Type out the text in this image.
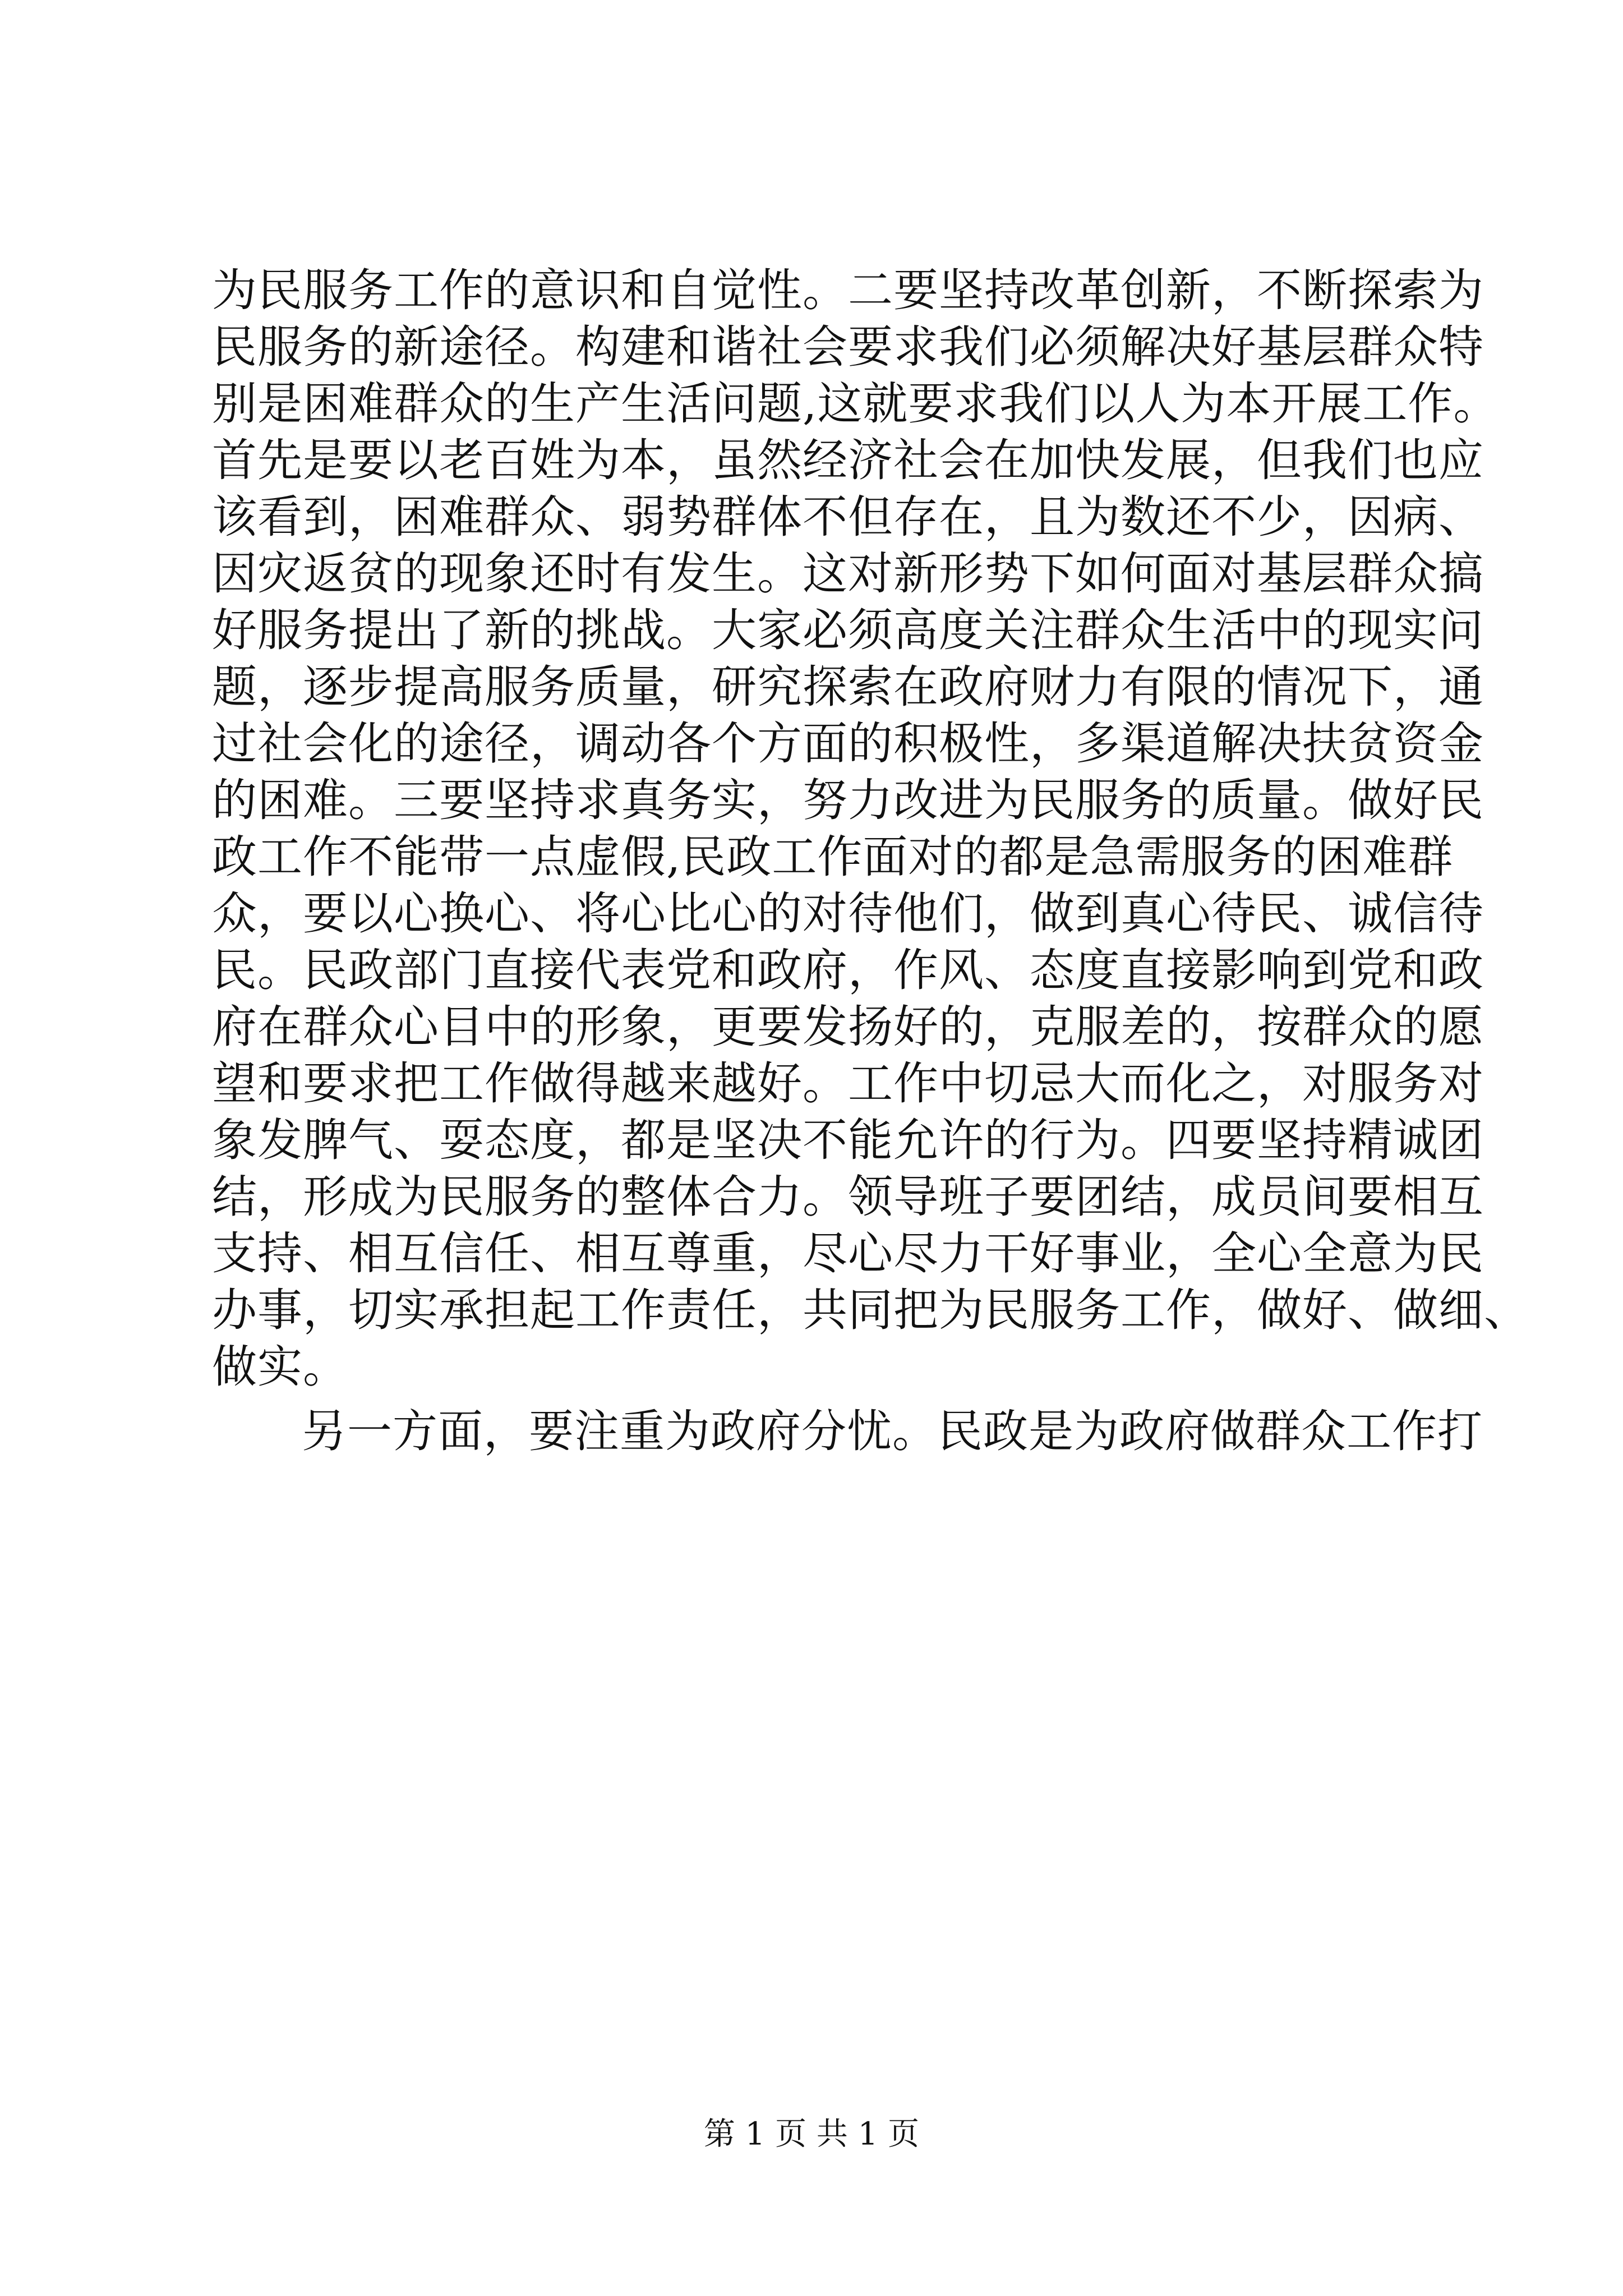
为民服务工作的意识和自觉性。二要坚持改革创新，不断探索为
民服务的新途径。构建和谐社会要求我们必须解决好基层群众特
别是困难群众的生产生活问题,这就要求我们以人为本开展工作。
首先是要以老百姓为本，虽然经济社会在加快发展，但我们也应
该看到，困难群众、弱势群体不但存在，且为数还不少，因病、
因灾返贫的现象还时有发生。这对新形势下如何面对基层群众搞
好服务提出了新的挑战。大家必须高度关注群众生活中的现实问
题，逐步提高服务质量，研究探索在政府财力有限的情况下，通
过社会化的途径，调动各个方面的积极性，多渠道解决扶贫资金
的困难。三要坚持求真务实，努力改进为民服务的质量。做好民
政工作不能带一点虚假,民政工作面对的都是急需服务的困难群
众，要以心换心、将心比心的对待他们，做到真心待民、诚信待
民。民政部门直接代表党和政府，作风、态度直接影响到党和政
府在群众心目中的形象，更要发扬好的，克服差的，按群众的愿
望和要求把工作做得越来越好。工作中切忌大而化之，对服务对
象发脾气、耍态度，都是坚决不能允许的行为。四要坚持精诚团
结，形成为民服务的整体合力。领导班子要团结，成员间要相互
支持、相互信任、相互尊重，尽心尽力干好事业，全心全意为民
办事，切实承担起工作责任，共同把为民服务工作，做好、做细、
做实。
另一方面，要注重为政府分忧。民政是为政府做群众工作打
第 1 页 共 1 页
